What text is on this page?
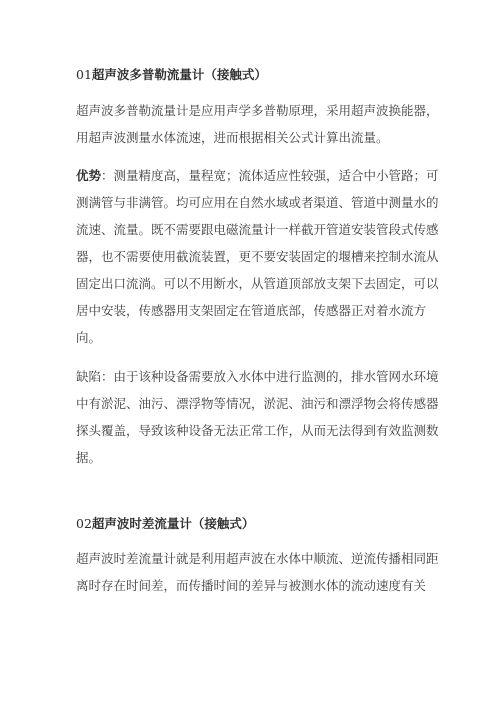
01超声波多普勒流量计（接触式）

超声波多普勒流量计是应用声学多普勒原理，采用超声波换能器，
用超声波测量水体流速，进而根据相关公式计算出流量。

优势：测量精度高，量程宽；流体适应性较强，适合中小管路；可
测满管与非满管。均可应用在自然水域或者渠道、管道中测量水的
流速、流量。既不需要跟电磁流量计一样截开管道安装管段式传感
器，也不需要使用截流装置，更不要安装固定的堰槽来控制水流从
固定出口流淌。可以不用断水，从管道顶部放支架下去固定，可以
居中安装，传感器用支架固定在管道底部，传感器正对着水流方
向。

缺陷：由于该种设备需要放入水体中进行监测的，排水管网水环境
中有淤泥、油污、漂浮物等情况，淤泥、油污和漂浮物会将传感器
探头覆盖，导致该种设备无法正常工作，从而无法得到有效监测数
据。

02超声波时差流量计（接触式）

超声波时差流量计就是利用超声波在水体中顺流、逆流传播相同距
离时存在时间差，而传播时间的差异与被测水体的流动速度有关
